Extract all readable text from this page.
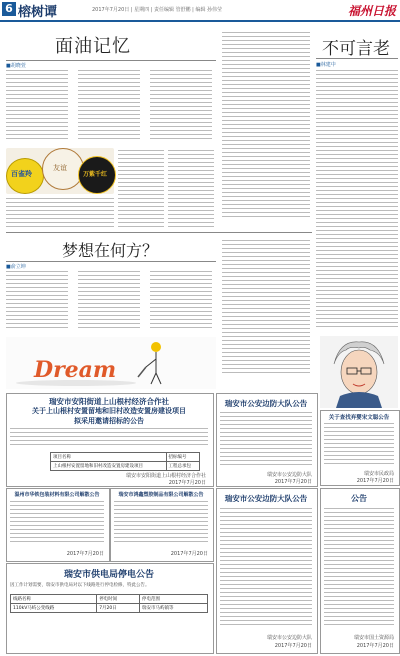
6 榕树谭	2017年7月20日 | 星期四 | 责任编辑 管舒鹏 | 编辑 孙伟莹	福州日报
面油记忆
■胡晓萱
百雀羚
友谊
万紫千红
不可言老
■林建中
梦想在何方？
■俞立坤
Dream
瑞安市安阳街道上山根村经济合作社
关于上山根村安置留地和旧村改造安置房建设项目
拟采用邀请招标的公告
项目名称	招标编号
上山根村安置留地和旧村改造安置房建设项目	工程总承包
瑞安市安阳街道上山根村经济合作社
2017年7月20日
瑞安市公安边防大队公告
瑞安市公安边防大队
2017年7月20日
关于查找弃婴宋文聪公告
瑞安市民政局
2017年7月20日
温州市华铁包装材料有限公司解散公告
2017年7月20日
瑞安市鸿鑫塑胶制品有限公司解散公告
2017年7月20日
瑞安市公安边防大队公告
瑞安市公安边防大队
2017年7月20日
公告
瑞安市国土资源局
2017年7月20日
瑞安市供电局停电公告
因工作计划需要，瑞安市供电局对以下线路进行停电检修，特此公告。
线路名称	停电时间	停电范围
110kV马屿公变线路	7月20日	瑞安市马屿镇等
